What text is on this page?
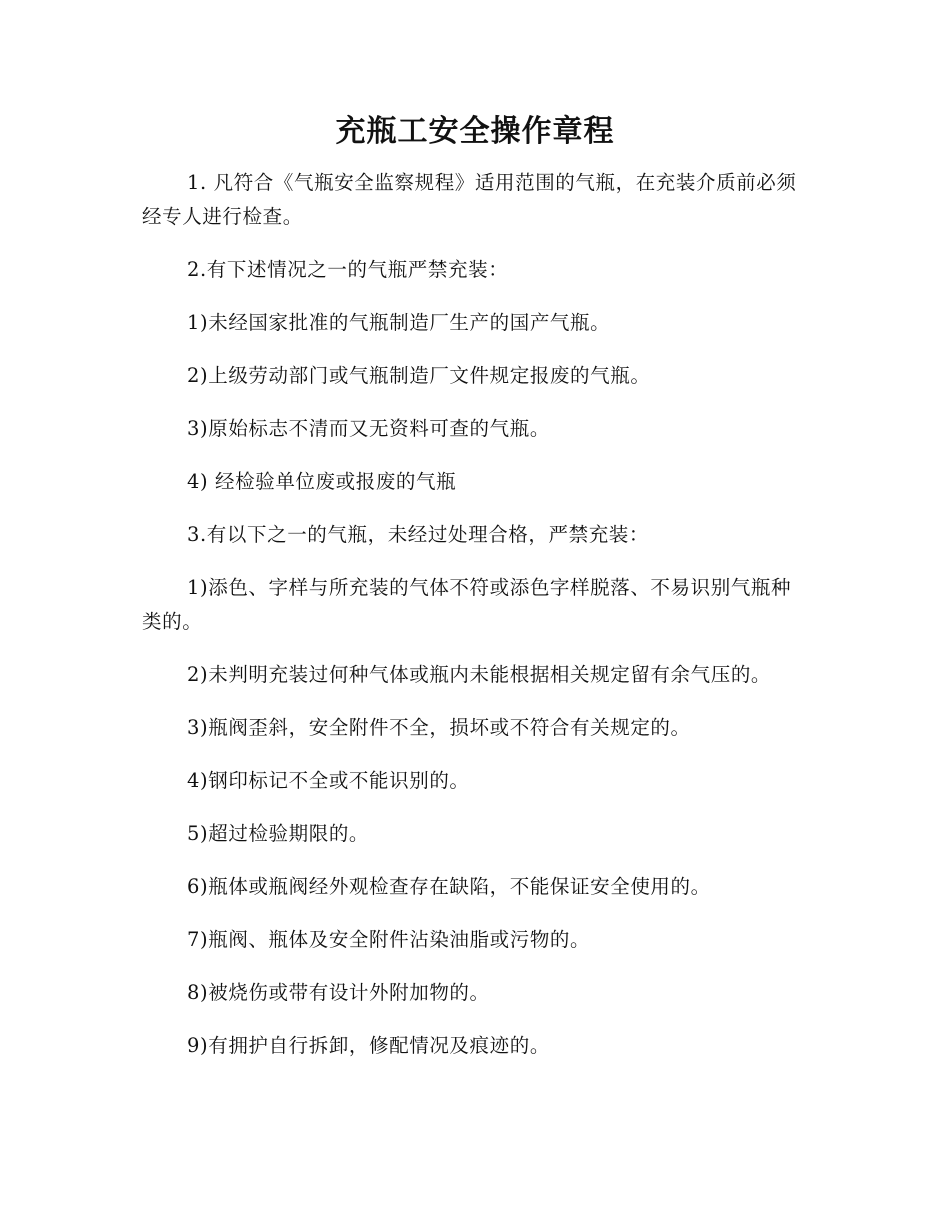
充瓶工安全操作章程

1. 凡符合《气瓶安全监察规程》适用范围的气瓶，在充装介质前必须经专人进行检查。

2.有下述情况之一的气瓶严禁充装：

1)未经国家批准的气瓶制造厂生产的国产气瓶。

2)上级劳动部门或气瓶制造厂文件规定报废的气瓶。

3)原始标志不清而又无资料可查的气瓶。

4) 经检验单位废或报废的气瓶

3.有以下之一的气瓶，未经过处理合格，严禁充装：

1)添色、字样与所充装的气体不符或添色字样脱落、不易识别气瓶种类的。

2)未判明充装过何种气体或瓶内未能根据相关规定留有余气压的。

3)瓶阀歪斜，安全附件不全，损坏或不符合有关规定的。

4)钢印标记不全或不能识别的。

5)超过检验期限的。

6)瓶体或瓶阀经外观检查存在缺陷，不能保证安全使用的。

7)瓶阀、瓶体及安全附件沾染油脂或污物的。

8)被烧伤或带有设计外附加物的。

9)有拥护自行拆卸，修配情况及痕迹的。
